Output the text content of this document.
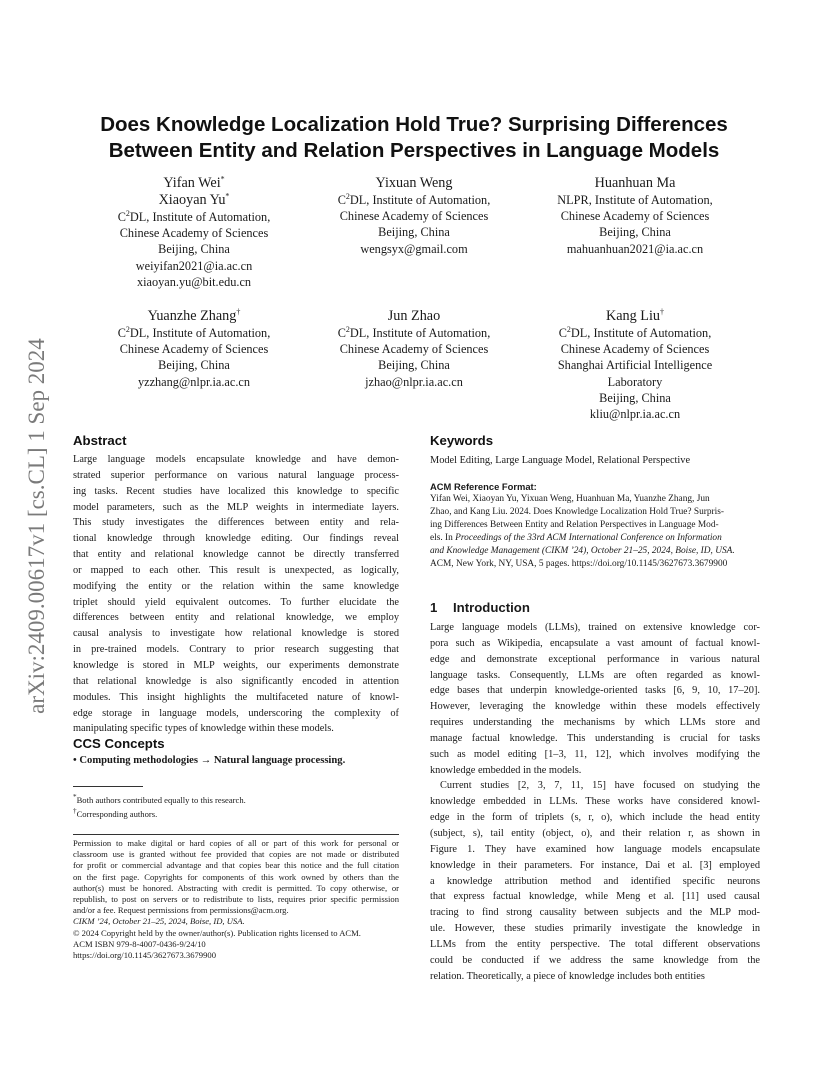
arXiv:2409.00617v1 [cs.CL] 1 Sep 2024
Does Knowledge Localization Hold True? Surprising Differences
Between Entity and Relation Perspectives in Language Models
Yifan Wei*
Xiaoyan Yu*
$C^2DL$, Institute of Automation,
Chinese Academy of Sciences
Beijing, China
weiyifan2021@ia.ac.cn
xiaoyan.yu@bit.edu.cn
Yixuan Weng
$C^2DL$, Institute of Automation,
Chinese Academy of Sciences
Beijing, China
wengsyx@gmail.com
Huanhuan Ma
NLPR, Institute of Automation,
Chinese Academy of Sciences
Beijing, China
mahuanhuan2021@ia.ac.cn
Yuanzhe Zhang†
$C^2DL$, Institute of Automation,
Chinese Academy of Sciences
Beijing, China
yzzhang@nlpr.ia.ac.cn
Jun Zhao
$C^2DL$, Institute of Automation,
Chinese Academy of Sciences
Beijing, China
jzhao@nlpr.ia.ac.cn
Kang Liu†
$C^2DL$, Institute of Automation,
Chinese Academy of Sciences
Shanghai Artificial Intelligence
Laboratory
Beijing, China
kliu@nlpr.ia.ac.cn
Abstract
Large language models encapsulate knowledge and have demon-
strated superior performance on various natural language process-
ing tasks. Recent studies have localized this knowledge to specific
model parameters, such as the MLP weights in intermediate layers.
This study investigates the differences between entity and rela-
tional knowledge through knowledge editing. Our findings reveal
that entity and relational knowledge cannot be directly transferred
or mapped to each other. This result is unexpected, as logically,
modifying the entity or the relation within the same knowledge
triplet should yield equivalent outcomes. To further elucidate the
differences between entity and relational knowledge, we employ
causal analysis to investigate how relational knowledge is stored
in pre-trained models. Contrary to prior research suggesting that
knowledge is stored in MLP weights, our experiments demonstrate
that relational knowledge is also significantly encoded in attention
modules. This insight highlights the multifaceted nature of knowl-
edge storage in language models, underscoring the complexity of
manipulating specific types of knowledge within these models.
CCS Concepts
• Computing methodologies → Natural language processing.

*Both authors contributed equally to this research.

†Corresponding authors.

Permission to make digital or hard copies of all or part of this work for personal or
classroom use is granted without fee provided that copies are not made or distributed
for profit or commercial advantage and that copies bear this notice and the full citation
on the first page. Copyrights for components of this work owned by others than the
author(s) must be honored. Abstracting with credit is permitted. To copy otherwise, or
republish, to post on servers or to redistribute to lists, requires prior specific permission
and/or a fee. Request permissions from permissions@acm.org.
CIKM ’24, October 21–25, 2024, Boise, ID, USA.
© 2024 Copyright held by the owner/author(s). Publication rights licensed to ACM.
ACM ISBN 979-8-4007-0436-9/24/10
https://doi.org/10.1145/3627673.3679900
Keywords
Model Editing, Large Language Model, Relational Perspective
ACM Reference Format:

Yifan Wei, Xiaoyan Yu, Yixuan Weng, Huanhuan Ma, Yuanzhe Zhang, Jun

Zhao, and Kang Liu. 2024. Does Knowledge Localization Hold True? Surpris-

ing Differences Between Entity and Relation Perspectives in Language Mod-

els. In Proceedings of the 33rd ACM International Conference on Information

and Knowledge Management (CIKM ’24), October 21–25, 2024, Boise, ID, USA.

ACM, New York, NY, USA, 5 pages. https://doi.org/10.1145/3627673.3679900

1 Introduction
Large language models (LLMs), trained on extensive knowledge cor-
pora such as Wikipedia, encapsulate a vast amount of factual knowl-
edge and demonstrate exceptional performance in various natural
language tasks. Consequently, LLMs are often regarded as knowl-
edge bases that underpin knowledge-oriented tasks [6, 9, 10, 17–20].
However, leveraging the knowledge within these models effectively
requires understanding the mechanisms by which LLMs store and
manage factual knowledge. This understanding is crucial for tasks
such as model editing [1–3, 11, 12], which involves modifying the
knowledge embedded in the models.
Current studies [2, 3, 7, 11, 15] have focused on studying the
knowledge embedded in LLMs. These works have considered knowl-
edge in the form of triplets (s, r, o), which include the head entity
(subject, s), tail entity (object, o), and their relation r, as shown in
Figure 1. They have examined how language models encapsulate
knowledge in their parameters. For instance, Dai et al. [3] employed
a knowledge attribution method and identified specific neurons
that express factual knowledge, while Meng et al. [11] used causal
tracing to find strong causality between subjects and the MLP mod-
ule. However, these studies primarily investigate the knowledge in
LLMs from the entity perspective. The total different observations
could be conducted if we address the same knowledge from the
relation. Theoretically, a piece of knowledge includes both entities
